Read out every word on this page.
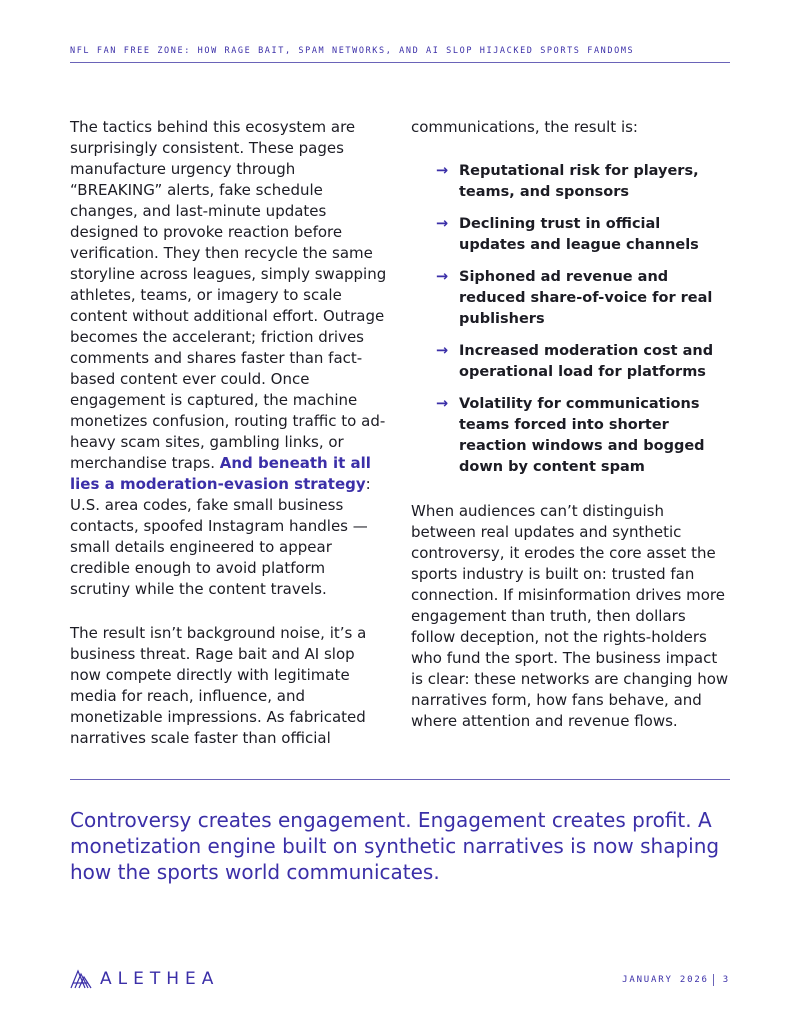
NFL FAN FREE ZONE: HOW RAGE BAIT, SPAM NETWORKS, AND AI SLOP HIJACKED SPORTS FANDOMS

The tactics behind this ecosystem are surprisingly consistent. These pages manufacture urgency through “BREAKING” alerts, fake schedule changes, and last-minute updates designed to provoke reaction before verification. They then recycle the same storyline across leagues, simply swapping athletes, teams, or imagery to scale content without additional effort. Outrage becomes the accelerant; friction drives comments and shares faster than fact-based content ever could. Once engagement is captured, the machine monetizes confusion, routing traffic to ad-heavy scam sites, gambling links, or merchandise traps. And beneath it all lies a moderation-evasion strategy: U.S. area codes, fake small business contacts, spoofed Instagram handles — small details engineered to appear credible enough to avoid platform scrutiny while the content travels.

The result isn’t background noise, it’s a business threat. Rage bait and AI slop now compete directly with legitimate media for reach, influence, and monetizable impressions. As fabricated narratives scale faster than official

communications, the result is:

→ Reputational risk for players, teams, and sponsors
→ Declining trust in official updates and league channels
→ Siphoned ad revenue and reduced share-of-voice for real publishers
→ Increased moderation cost and operational load for platforms
→ Volatility for communications teams forced into shorter reaction windows and bogged down by content spam

When audiences can’t distinguish between real updates and synthetic controversy, it erodes the core asset the sports industry is built on: trusted fan connection. If misinformation drives more engagement than truth, then dollars follow deception, not the rights-holders who fund the sport. The business impact is clear: these networks are changing how narratives form, how fans behave, and where attention and revenue flows.

Controversy creates engagement. Engagement creates profit. A monetization engine built on synthetic narratives is now shaping how the sports world communicates.
ALETHEA	JANUARY 2026 3
